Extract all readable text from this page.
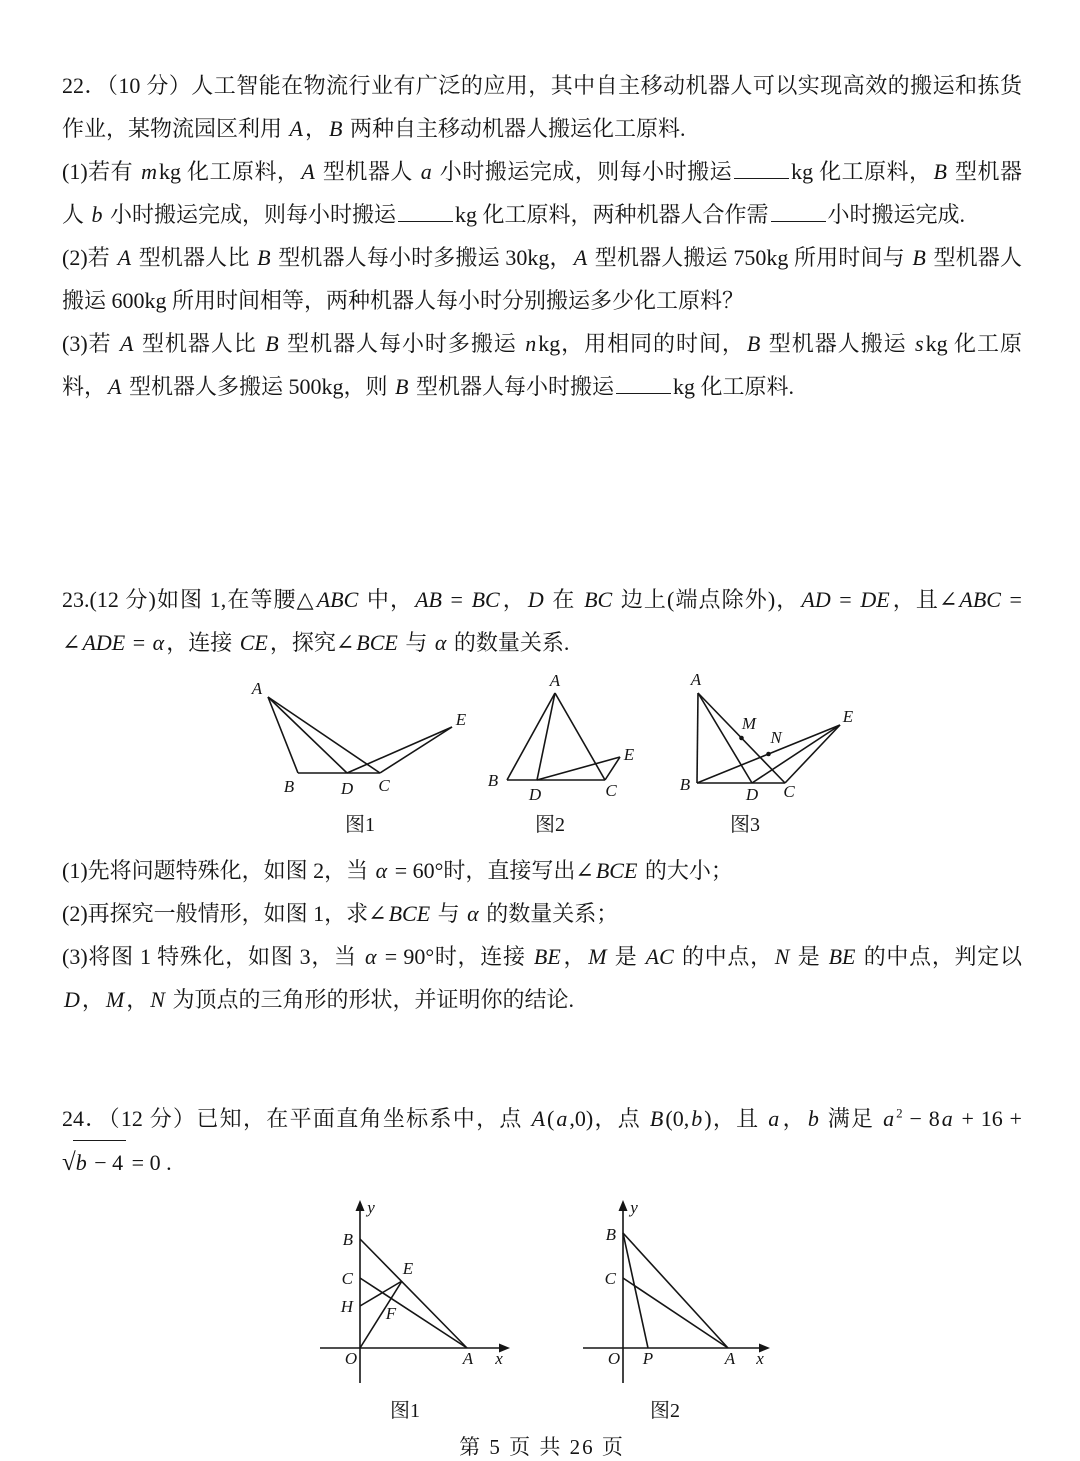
22．（10 分）人工智能在物流行业有广泛的应用，其中自主移动机器人可以实现高效的搬运和拣货作业，某物流园区利用 A，B 两种自主移动机器人搬运化工原料.

(1)若有 mkg 化工原料，A 型机器人 a 小时搬运完成，则每小时搬运	kg 化工原料，B 型机器人 b 小时搬运完成，则每小时搬运	kg 化工原料，两种机器人合作需	小时搬运完成.

(2)若 A 型机器人比 B 型机器人每小时多搬运 30kg，A 型机器人搬运 750kg 所用时间与 B 型机器人搬运 600kg 所用时间相等，两种机器人每小时分别搬运多少化工原料？

(3)若 A 型机器人比 B 型机器人每小时多搬运 nkg，用相同的时间，B 型机器人搬运 skg 化工原料，A 型机器人多搬运 500kg，则 B 型机器人每小时搬运	kg 化工原料.

23.(12 分)如图 1,在等腰△ABC 中，AB = BC，D 在 BC 边上(端点除外)，AD = DE，且∠ABC = ∠ADE = α，连接 CE，探究∠BCE 与 α 的数量关系.

A
B	D C
E
图1
A
B
D	C
E
图2
A
B
D C
E
M
N
图3

(1)先将问题特殊化，如图 2，当 α = 60°时，直接写出∠BCE 的大小；

(2)再探究一般情形，如图 1，求∠BCE 与 α 的数量关系；

(3)将图 1 特殊化，如图 3，当 α = 90°时，连接 BE，M 是 AC 的中点，N 是 BE 的中点，判定以 D，M，N 为顶点的三角形的形状，并证明你的结论.

24．（12 分）已知，在平面直角坐标系中，点 A(a,0)，点 B(0,b)，且 a，b 满足 a $^2$ − 8a + 16 + √b − 4 = 0 .

B
C
H
E
F
A
O	x
y
图1
B
C
O P	A x
y
图2
第 5 页 共 26 页
